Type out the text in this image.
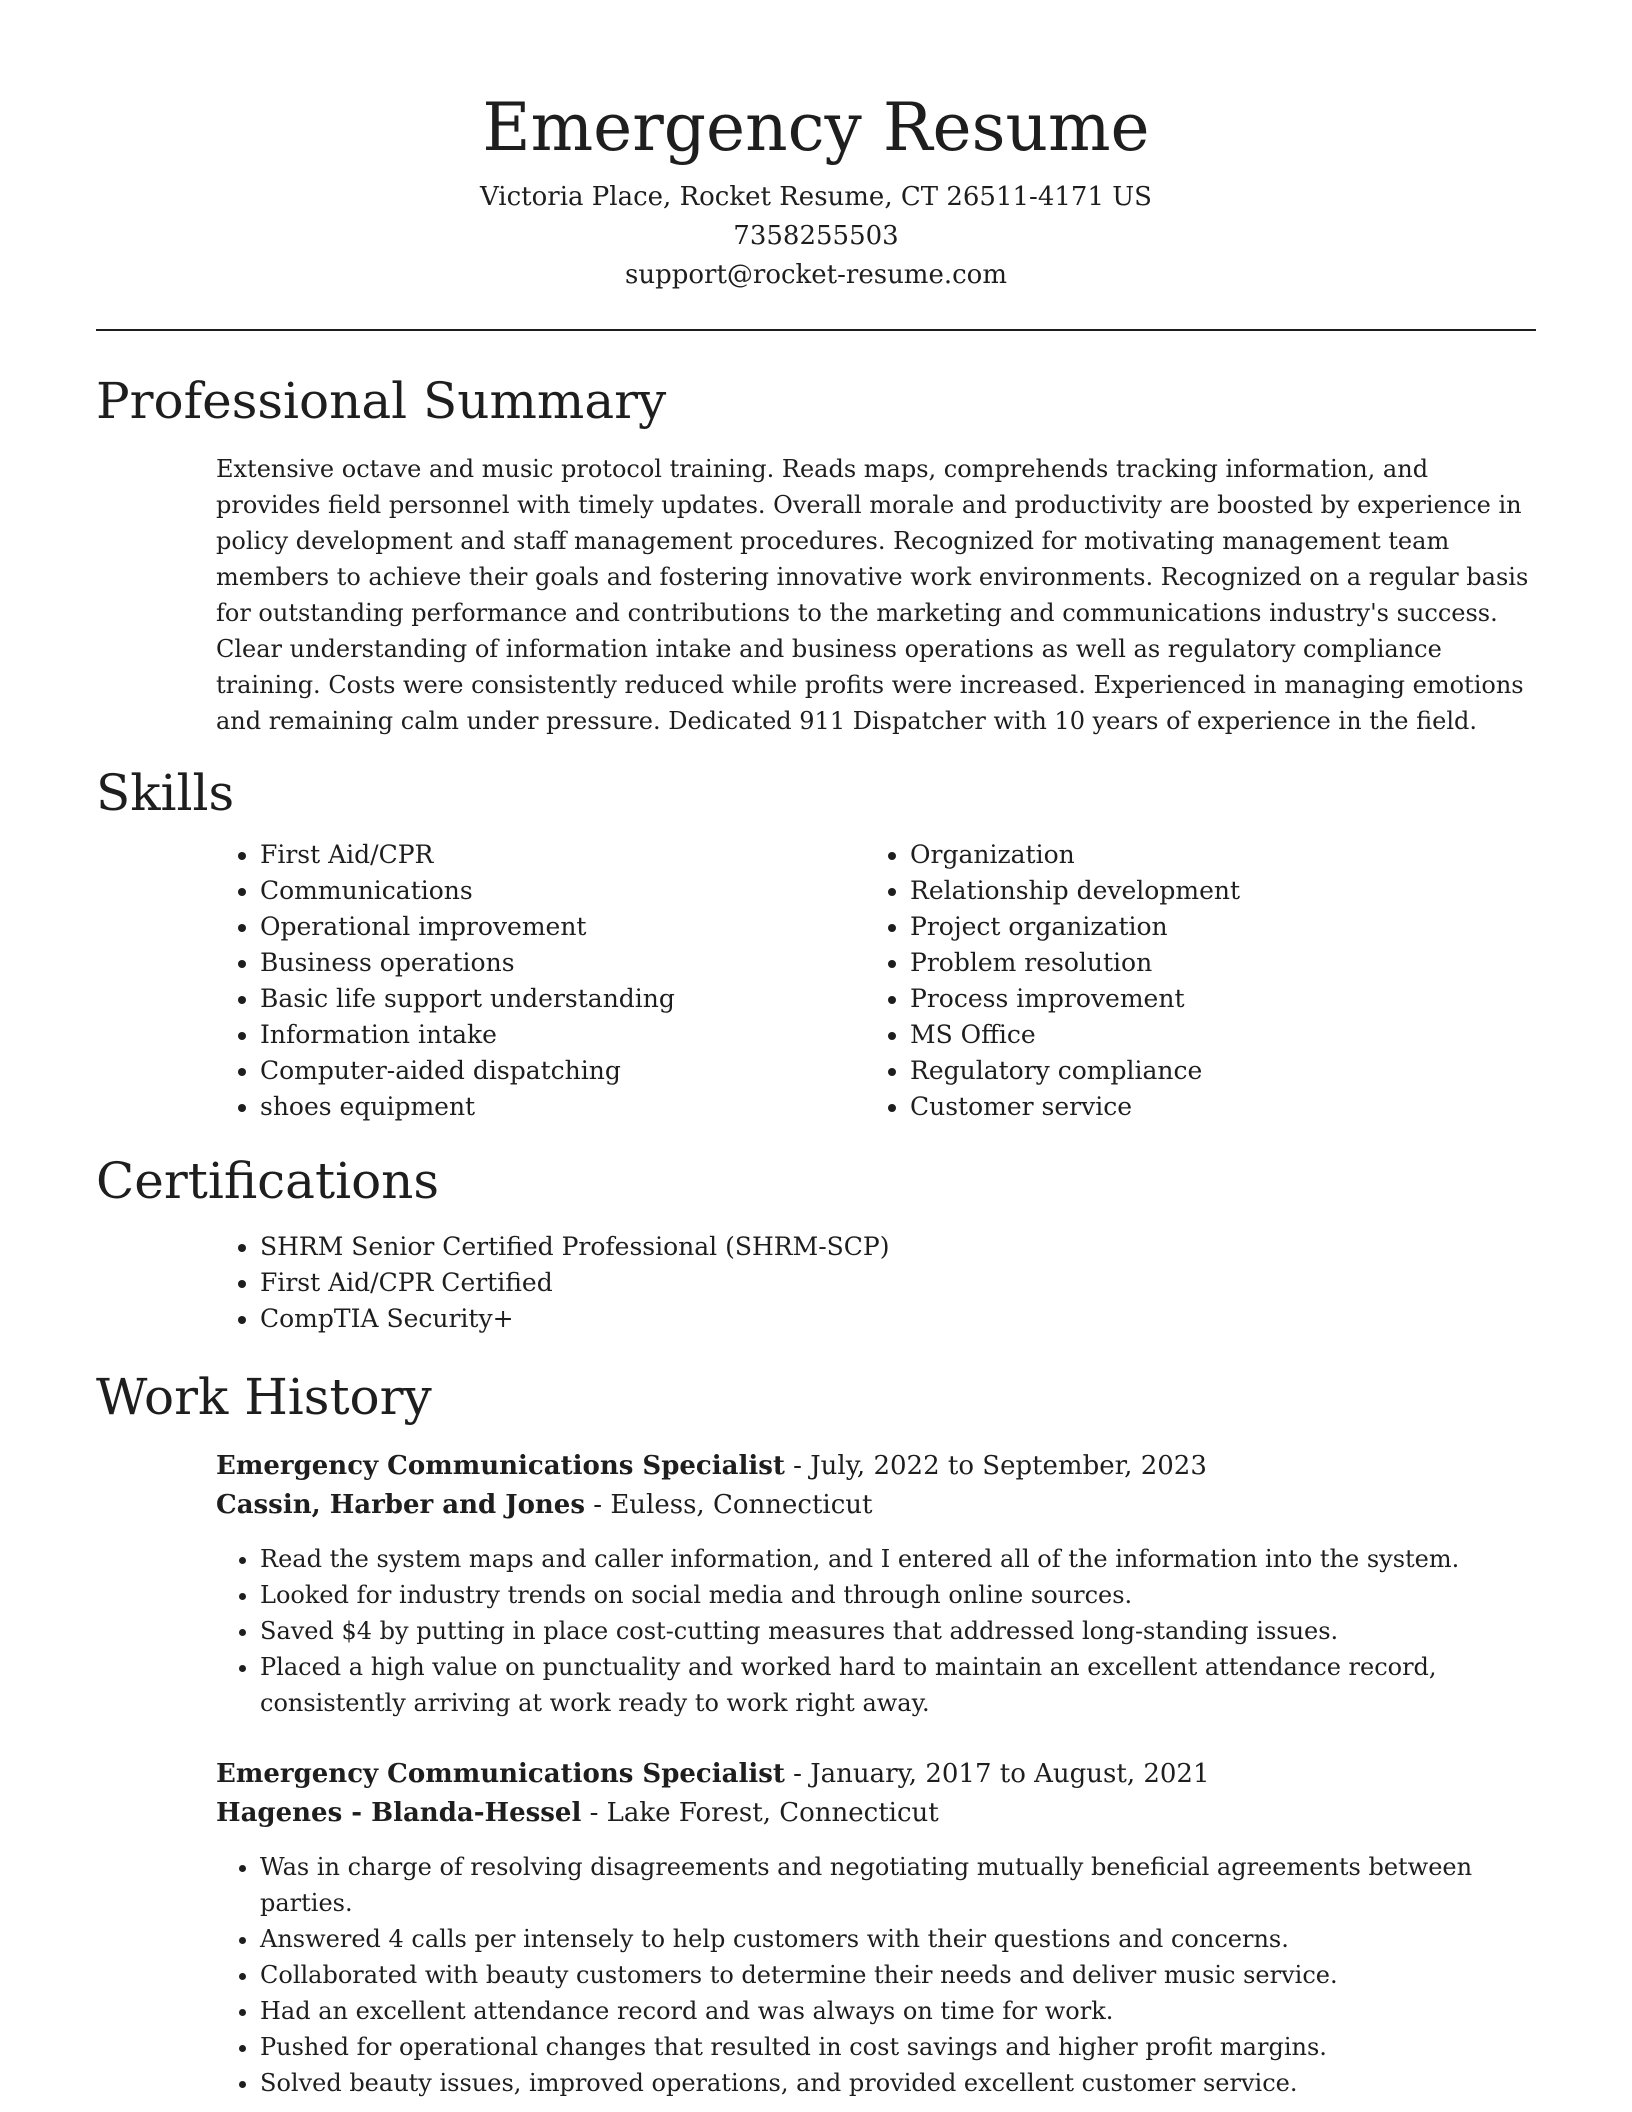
Emergency Resume

Victoria Place, Rocket Resume, CT 26511-4171 US

7358255503

support@rocket-resume.com

Professional Summary

Extensive octave and music protocol training. Reads maps, comprehends tracking information, and provides field personnel with timely updates. Overall morale and productivity are boosted by experience in policy development and staff management procedures. Recognized for motivating management team members to achieve their goals and fostering innovative work environments. Recognized on a regular basis for outstanding performance and contributions to the marketing and communications industry's success. Clear understanding of information intake and business operations as well as regulatory compliance training. Costs were consistently reduced while profits were increased. Experienced in managing emotions and remaining calm under pressure. Dedicated 911 Dispatcher with 10 years of experience in the field.

Skills
• First Aid/CPR
• Communications
• Operational improvement
• Business operations
• Basic life support understanding
• Information intake
• Computer-aided dispatching
• shoes equipment
• Organization
• Relationship development
• Project organization
• Problem resolution
• Process improvement
• MS Office
• Regulatory compliance
• Customer service
Certifications
• SHRM Senior Certified Professional (SHRM-SCP)
• First Aid/CPR Certified
• CompTIA Security+
Work History

Emergency Communications Specialist - July, 2022 to September, 2023

Cassin, Harber and Jones - Euless, Connecticut

• Read the system maps and caller information, and I entered all of the information into the system.
• Looked for industry trends on social media and through online sources.
• Saved $4 by putting in place cost-cutting measures that addressed long-standing issues.
• Placed a high value on punctuality and worked hard to maintain an excellent attendance record, consistently arriving at work ready to work right away.

Emergency Communications Specialist - January, 2017 to August, 2021

Hagenes - Blanda-Hessel - Lake Forest, Connecticut

• Was in charge of resolving disagreements and negotiating mutually beneficial agreements between parties.
• Answered 4 calls per intensely to help customers with their questions and concerns.
• Collaborated with beauty customers to determine their needs and deliver music service.
• Had an excellent attendance record and was always on time for work.
• Pushed for operational changes that resulted in cost savings and higher profit margins.
• Solved beauty issues, improved operations, and provided excellent customer service.
